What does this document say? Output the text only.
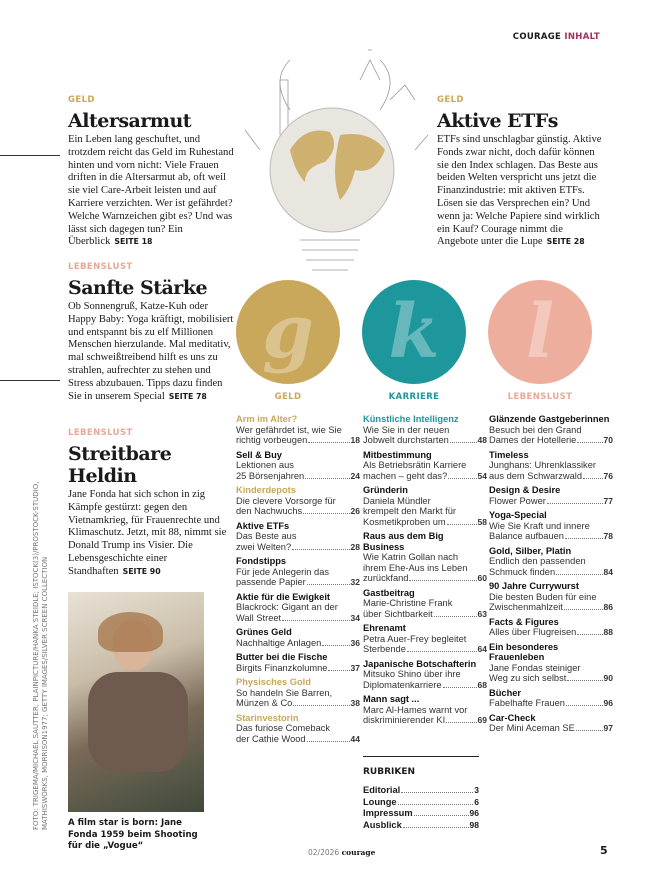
COURAGE INHALT
GELD
Altersarmut
Ein Leben lang geschuftet, und trotzdem reicht das Geld im Ruhestand hinten und vorn nicht: Viele Frauen driften in die Altersarmut ab, oft weil sie viel Care-Arbeit leisten und auf Karriere verzichten. Wer ist gefährdet? Welche Warnzeichen gibt es? Und was lässt sich dagegen tun? Ein Überblick SEITE 18
GELD
Aktive ETFs
ETFs sind unschlagbar günstig. Aktive Fonds zwar nicht, doch dafür können sie den Index schlagen. Das Beste aus beiden Welten verspricht uns jetzt die Finanzindustrie: mit aktiven ETFs. Lösen sie das Versprechen ein? Und wenn ja: Welche Papiere sind wirklich ein Kauf? Courage nimmt die Angebote unter die Lupe SEITE 28
LEBENSLUST
Sanfte Stärke
Ob Sonnengruß, Katze-Kuh oder Happy Baby: Yoga kräftigt, mobilisiert und entspannt bis zu elf Millionen Menschen hierzulande. Mal meditativ, mal schweißtreibend hilft es uns zu strahlen, aufrechter zu stehen und Stress abzubauen. Tipps dazu finden Sie in unserem Special SEITE 78
LEBENSLUST
Streitbare Heldin
Jane Fonda hat sich schon in zig Kämpfe gestürzt: gegen den Vietnamkrieg, für Frauenrechte und Klimaschutz. Jetzt, mit 88, nimmt sie Donald Trump ins Visier. Die Lebensgeschichte einer Standhaften SEITE 90
A film star is born: Jane Fonda 1959 beim Shooting für die „Vogue“
FOTO: TRIGEMA/MICHAEL SAUTTER; PLAINPICTURE/HANKA STEIDLE; ISTOCK(3)/PROSTOCK-STUDIO, MATHISWORKS, MORRISON1977; GETTY IMAGES/SILVER SCREEN COLLECTION
g k l
GELD	KARRIERE	LEBENSLUST
Arm im Alter?
Wer gefährdet ist, wie Sie
richtig vorbeugen	18
Sell & Buy
Lektionen aus
25 Börsenjahren	24
Kinderdepots
Die clevere Vorsorge für
den Nachwuchs	26
Aktive ETFs
Das Beste aus
zwei Welten?	28
Fondstipps
Für jede Anlegerin das
passende Papier	32
Aktie für die Ewigkeit
Blackrock: Gigant an der
Wall Street	34
Grünes Geld
Nachhaltige Anlagen	36
Butter bei die Fische
Birgits Finanzkolumne	37
Physisches Gold
So handeln Sie Barren,
Münzen & Co	38
Starinvestorin
Das furiose Comeback
der Cathie Wood	44
Künstliche Intelligenz
Wie Sie in der neuen
Jobwelt durchstarten	48
Mitbestimmung
Als Betriebsrätin Karriere
machen – geht das?	54
Gründerin
Daniela Mündler
krempelt den Markt für
Kosmetikproben um	58
Raus aus dem Big Business
Wie Katrin Gollan nach
ihrem Ehe-Aus ins Leben
zurückfand	60
Gastbeitrag
Marie-Christine Frank
über Sichtbarkeit	63
Ehrenamt
Petra Auer-Frey begleitet
Sterbende	64
Japanische Botschafterin
Mitsuko Shino über ihre
Diplomatenkarriere	68
Mann sagt ...
Marc Al-Hames warnt vor
diskriminierender KI	69
Glänzende Gastgeberinnen
Besuch bei den Grand
Dames der Hotellerie	70
Timeless
Junghans: Uhrenklassiker
aus dem Schwarzwald	76
Design & Desire
Flower Power	77
Yoga-Special
Wie Sie Kraft und innere
Balance aufbauen	78
Gold, Silber, Platin
Endlich den passenden
Schmuck finden	84
90 Jahre Currywurst
Die besten Buden für eine
Zwischenmahlzeit	86
Facts & Figures
Alles über Flugreisen	88
Ein besonderes Frauenleben
Jane Fondas steiniger
Weg zu sich selbst	90
Bücher
Fabelhafte Frauen	96
Car-Check
Der Mini Aceman SE	97
RUBRIKEN
Editorial	3
Lounge	6
Impressum	96
Ausblick	98
02/2026 courage	5
